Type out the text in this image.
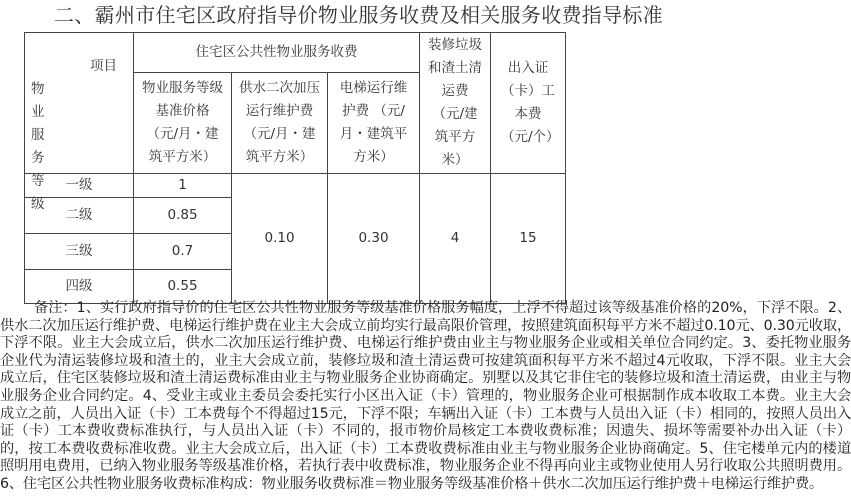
二、霸州市住宅区政府指导价物业服务收费及相关服务收费指导标准
项目
物业服务等级	住宅区公共性物业服务收费			装修垃圾和渣土清运费（元/建筑平方米）	出入证（卡）工本费（元/个）
	物业服务等级基准价格（元/月・建筑平方米）	供水二次加压运行维护费（元/月・建筑平方米）	电梯运行维护费 （元/月・建筑平方米）		
一级	1	0.10	0.30	4	15
二级	0.85				
三级	0.7				
四级	0.55				
备注：1、实行政府指导价的住宅区公共性物业服务等级基准价格服务幅度，上浮不得超过该等级基准价格的20%，下浮不限。2、供水二次加压运行维护费、电梯运行维护费在业主大会成立前均实行最高限价管理，按照建筑面积每平方米不超过0.10元、0.30元收取，下浮不限。业主大会成立后，供水二次加压运行维护费、电梯运行维护费由业主与物业服务企业或相关单位合同约定。3、委托物业服务企业代为清运装修垃圾和渣土的，业主大会成立前，装修垃圾和渣土清运费可按建筑面积每平方米不超过4元收取，下浮不限。业主大会成立后，住宅区装修垃圾和渣土清运费标准由业主与物业服务企业协商确定。别墅以及其它非住宅的装修垃圾和渣土清运费，由业主与物业服务企业合同约定。4、受业主或业主委员会委托实行小区出入证（卡）管理的，物业服务企业可根据制作成本收取工本费。业主大会成立之前，人员出入证（卡）工本费每个不得超过15元，下浮不限；车辆出入证（卡）工本费与人员出入证（卡）相同的，按照人员出入证（卡）工本费收费标准执行，与人员出入证（卡）不同的，报市物价局核定工本费收费标准；因遗失、损坏等需要补办出入证（卡）的，按工本费收费标准收费。业主大会成立后，出入证（卡）工本费收费标准由业主与物业服务企业协商确定。5、住宅楼单元内的楼道照明用电费用，已纳入物业服务等级基准价格，若执行表中收费标准，物业服务企业不得再向业主或物业使用人另行收取公共照明费用。6、住宅区公共性物业服务收费标准构成：物业服务收费标准＝物业服务等级基准价格＋供水二次加压运行维护费＋电梯运行维护费。
